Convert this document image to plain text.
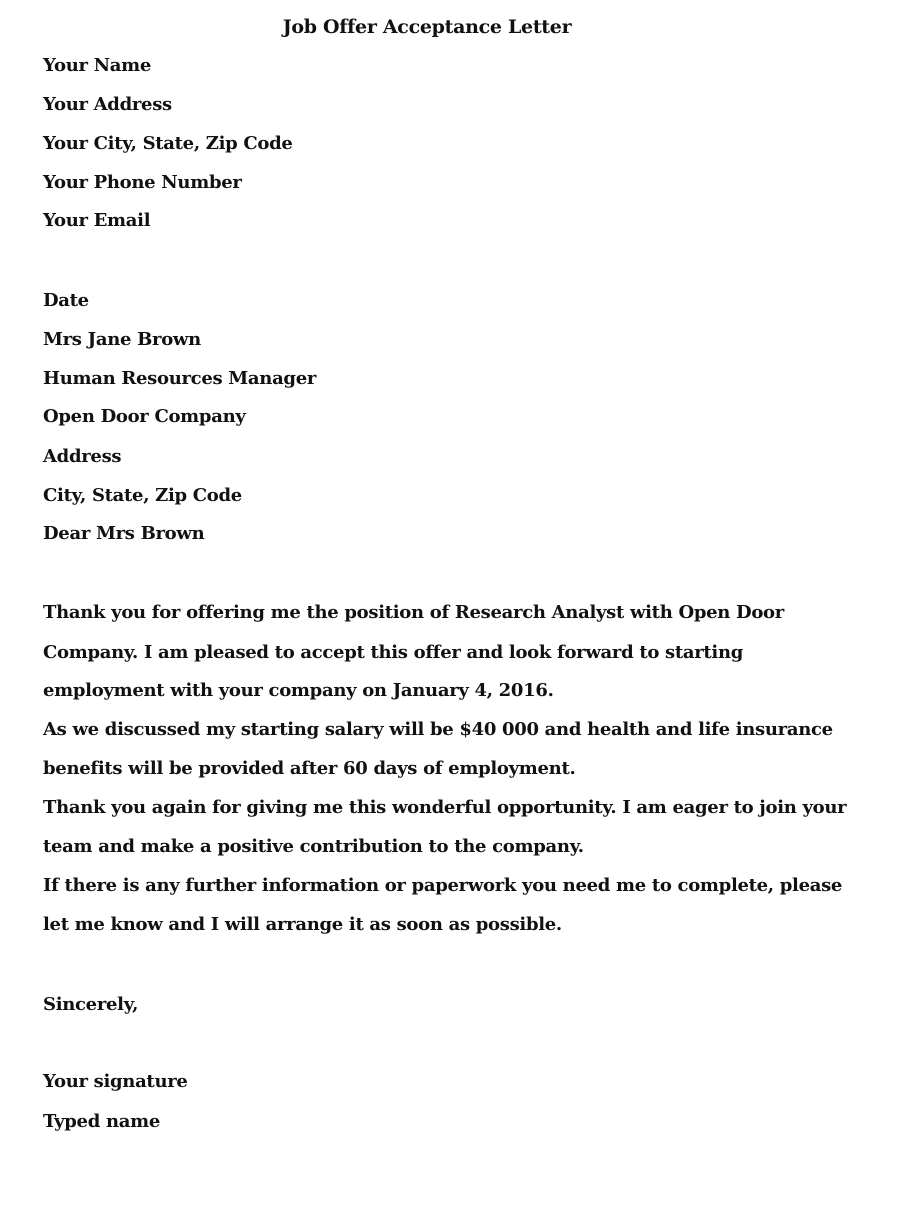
Job Offer Acceptance Letter
Your Name
Your Address
Your City, State, Zip Code
Your Phone Number
Your Email
Date
Mrs Jane Brown
Human Resources Manager
Open Door Company
Address
City, State, Zip Code
Dear Mrs Brown
Thank you for offering me the position of Research Analyst with Open Door
Company. I am pleased to accept this offer and look forward to starting
employment with your company on January 4, 2016.
As we discussed my starting salary will be $40 000 and health and life insurance
benefits will be provided after 60 days of employment.
Thank you again for giving me this wonderful opportunity. I am eager to join your
team and make a positive contribution to the company.
If there is any further information or paperwork you need me to complete, please
let me know and I will arrange it as soon as possible.
Sincerely,
Your signature
Typed name
